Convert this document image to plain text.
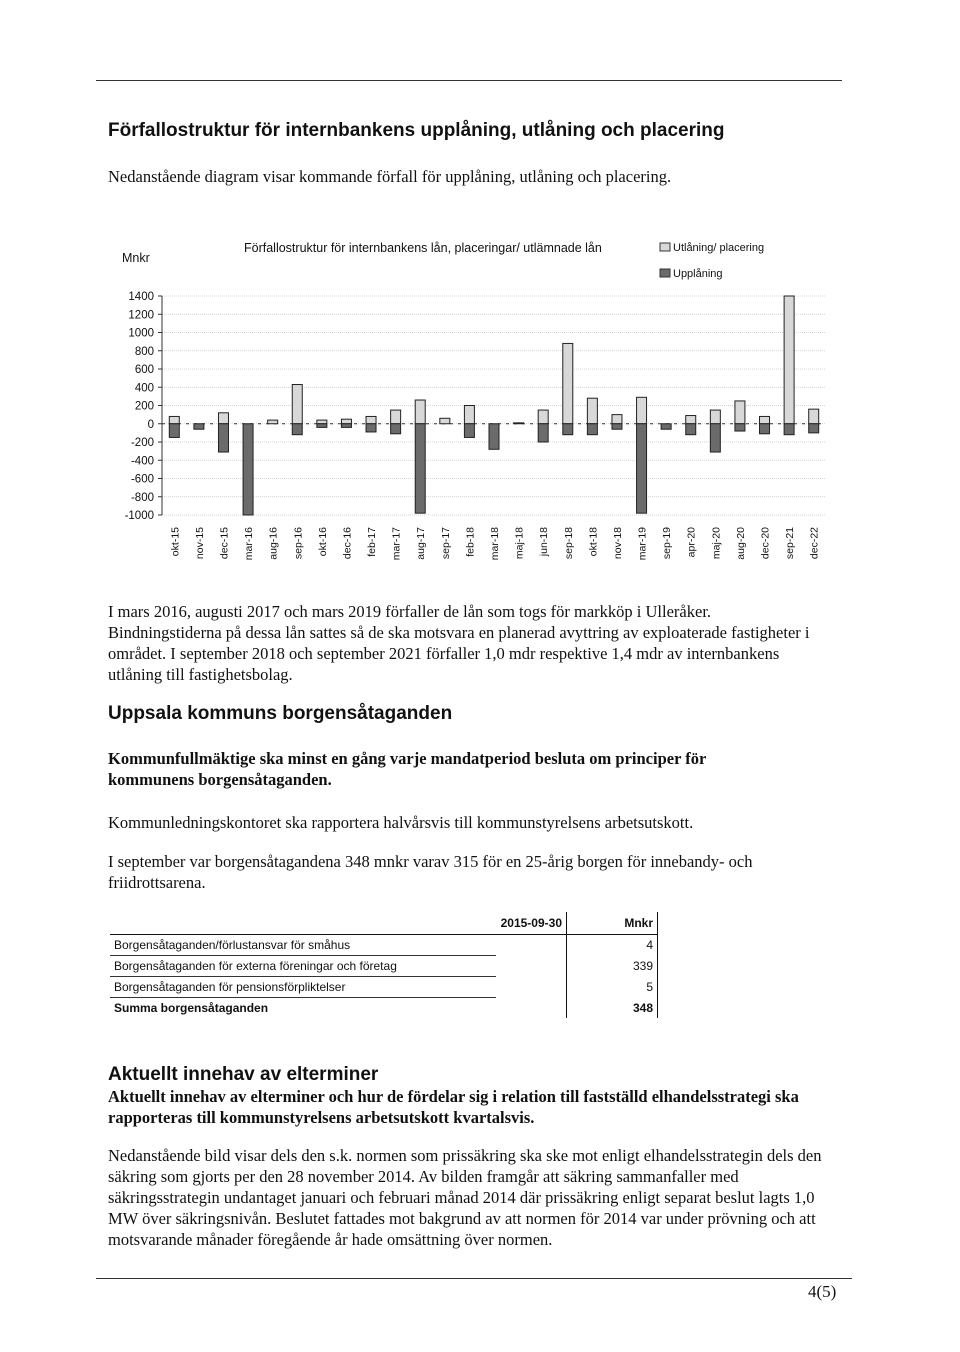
Förfallostruktur för internbankens upplåning, utlåning och placering

Nedanstående diagram visar kommande förfall för upplåning, utlåning och placering.

Mnkr
Förfallostruktur för internbankens lån, placeringar/ utlämnade lån	Utlåning/ placering
Upplåning
1400
1200
1000
800
600
400
200
0
-200
-400
-600
-800
-1000
okt-15 nov-15 dec-15 mar-16 aug-16 sep-16 okt-16 dec-16 feb-17 mar-17 aug-17 sep-17 feb-18 mar-18 maj-18 jun-18 sep-18 okt-18 nov-18 mar-19 sep-19 apr-20 maj-20 aug-20 dec-20 sep-21 dec-22

I mars 2016, augusti 2017 och mars 2019 förfaller de lån som togs för markköp i Ulleråker. Bindningstiderna på dessa lån sattes så de ska motsvara en planerad avyttring av exploaterade fastigheter i området. I september 2018 och september 2021 förfaller 1,0 mdr respektive 1,4 mdr av internbankens utlåning till fastighetsbolag.

Uppsala kommuns borgensåtaganden

Kommunfullmäktige ska minst en gång varje mandatperiod besluta om principer för kommunens borgensåtaganden.

Kommunledningskontoret ska rapportera halvårsvis till kommunstyrelsens arbetsutskott.

I september var borgensåtagandena 348 mnkr varav 315 för en 25-årig borgen för innebandy- och friidrottsarena.

	2015-09-30	Mnkr
Borgensåtaganden/förlustansvar för småhus		4
Borgensåtaganden för externa föreningar och företag		339
Borgensåtaganden för pensionsförpliktelser		5
Summa borgensåtaganden		348
Aktuellt innehav av elterminer

Aktuellt innehav av elterminer och hur de fördelar sig i relation till fastställd elhandelsstrategi ska rapporteras till kommunstyrelsens arbetsutskott kvartalsvis.

Nedanstående bild visar dels den s.k. normen som prissäkring ska ske mot enligt elhandelsstrategin dels den säkring som gjorts per den 28 november 2014. Av bilden framgår att säkring sammanfaller med säkringsstrategin undantaget januari och februari månad 2014 där prissäkring enligt separat beslut lagts 1,0 MW över säkringsnivån. Beslutet fattades mot bakgrund av att normen för 2014 var under prövning och att motsvarande månader föregående år hade omsättning över normen.

4(5)
